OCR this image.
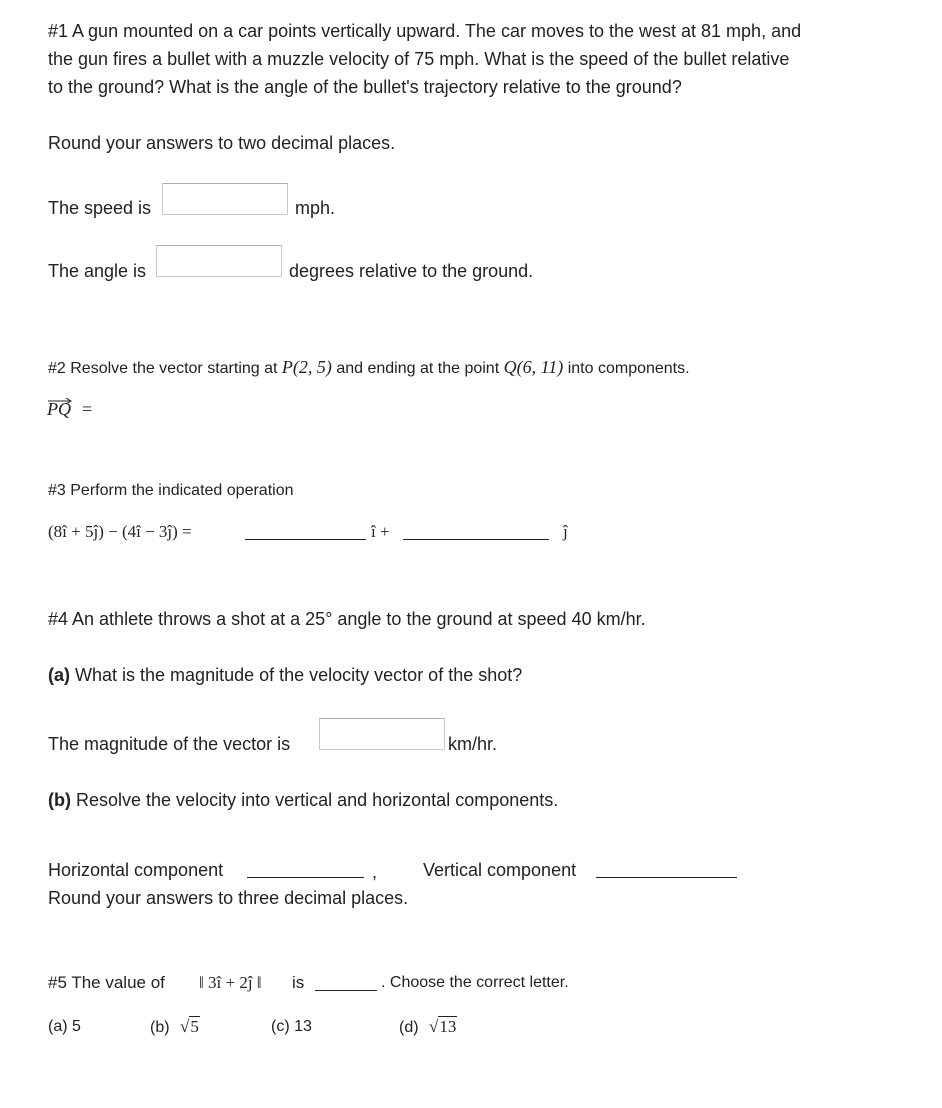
#1 A gun mounted on a car points vertically upward. The car moves to the west at 81 mph, and
the gun fires a bullet with a muzzle velocity of 75 mph. What is the speed of the bullet relative
to the ground? What is the angle of the bullet's trajectory relative to the ground?
Round your answers to two decimal places.
The speed is	mph.
The angle is	degrees relative to the ground.
#2 Resolve the vector starting at P(2, 5) and ending at the point Q(6, 11) into components.
PQ =
#3 Perform the indicated operation
(8î + 5ĵ) − (4î − 3ĵ) =	î +	ĵ
#4 An athlete throws a shot at a 25° angle to the ground at speed 40 km/hr.
(a) What is the magnitude of the velocity vector of the shot?
The magnitude of the vector is	km/hr.
(b) Resolve the velocity into vertical and horizontal components.
Horizontal component	,	Vertical component
Round your answers to three decimal places.
#5 The value of ‖ 3î + 2ĵ ‖ is	. Choose the correct letter.
(a) 5	(b) √5	(c) 13	(d) √13
